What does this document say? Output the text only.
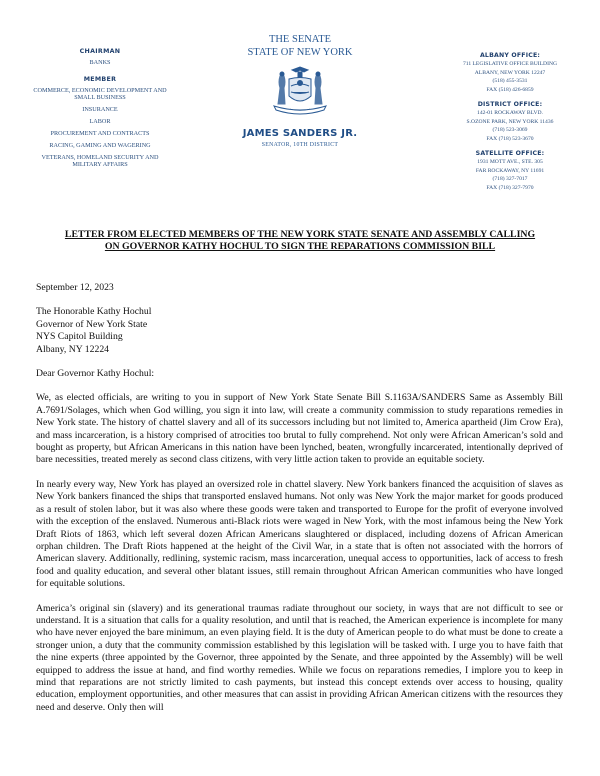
CHAIRMAN
BANKS
MEMBER
COMMERCE, ECONOMIC DEVELOPMENT AND SMALL BUSINESS
INSURANCE
LABOR
PROCUREMENT AND CONTRACTS
RACING, GAMING AND WAGERING
VETERANS, HOMELAND SECURITY AND MILITARY AFFAIRS
THE SENATE
STATE OF NEW YORK
JAMES SANDERS JR.
SENATOR, 10TH DISTRICT
ALBANY OFFICE:
711 LEGISLATIVE OFFICE BUILDING
ALBANY, NEW YORK 12247
(518) 455-3531
FAX (518) 426-6859
DISTRICT OFFICE:
142-01 ROCKAWAY BLVD.
S.OZONE PARK, NEW YORK 11436
(718) 523-3069
FAX (718) 523-3670
SATELLITE OFFICE:
1931 MOTT AVE., STE. 305
FAR ROCKAWAY, NY 11691
(718) 327-7017
FAX (718) 327-7970
LETTER FROM ELECTED MEMBERS OF THE NEW YORK STATE SENATE AND ASSEMBLY CALLING
ON GOVERNOR KATHY HOCHUL TO SIGN THE REPARATIONS COMMISSION BILL

September 12, 2023

The Honorable Kathy Hochul

Governor of New York State

NYS Capitol Building

Albany, NY 12224

Dear Governor Kathy Hochul:

We, as elected officials, are writing to you in support of New York State Senate Bill S.1163A/SANDERS Same as Assembly Bill A.7691/Solages, which when God willing, you sign it into law, will create a community commission to study reparations remedies in New York state. The history of chattel slavery and all of its successors including but not limited to, America apartheid (Jim Crow Era), and mass incarceration, is a history comprised of atrocities too brutal to fully comprehend. Not only were African American’s sold and bought as property, but African Americans in this nation have been lynched, beaten, wrongfully incarcerated, intentionally deprived of bare necessities, treated merely as second class citizens, with very little action taken to provide an equitable society.

In nearly every way, New York has played an oversized role in chattel slavery. New York bankers financed the acquisition of slaves as New York bankers financed the ships that transported enslaved humans. Not only was New York the major market for goods produced as a result of stolen labor, but it was also where these goods were taken and transported to Europe for the profit of everyone involved with the exception of the enslaved. Numerous anti-Black riots were waged in New York, with the most infamous being the New York Draft Riots of 1863, which left several dozen African Americans slaughtered or displaced, including dozens of African American orphan children. The Draft Riots happened at the height of the Civil War, in a state that is often not associated with the horrors of American slavery. Additionally, redlining, systemic racism, mass incarceration, unequal access to opportunities, lack of access to fresh food and quality education, and several other blatant issues, still remain throughout African American communities who have longed for equitable solutions.

America’s original sin (slavery) and its generational traumas radiate throughout our society, in ways that are not difficult to see or understand. It is a situation that calls for a quality resolution, and until that is reached, the American experience is incomplete for many who have never enjoyed the bare minimum, an even playing field. It is the duty of American people to do what must be done to create a stronger union, a duty that the community commission established by this legislation will be tasked with. I urge you to have faith that the nine experts (three appointed by the Governor, three appointed by the Senate, and three appointed by the Assembly) will be well equipped to address the issue at hand, and find worthy remedies. While we focus on reparations remedies, I implore you to keep in mind that reparations are not strictly limited to cash payments, but instead this concept extends over access to housing, quality education, employment opportunities, and other measures that can assist in providing African American citizens with the resources they need and deserve. Only then will
